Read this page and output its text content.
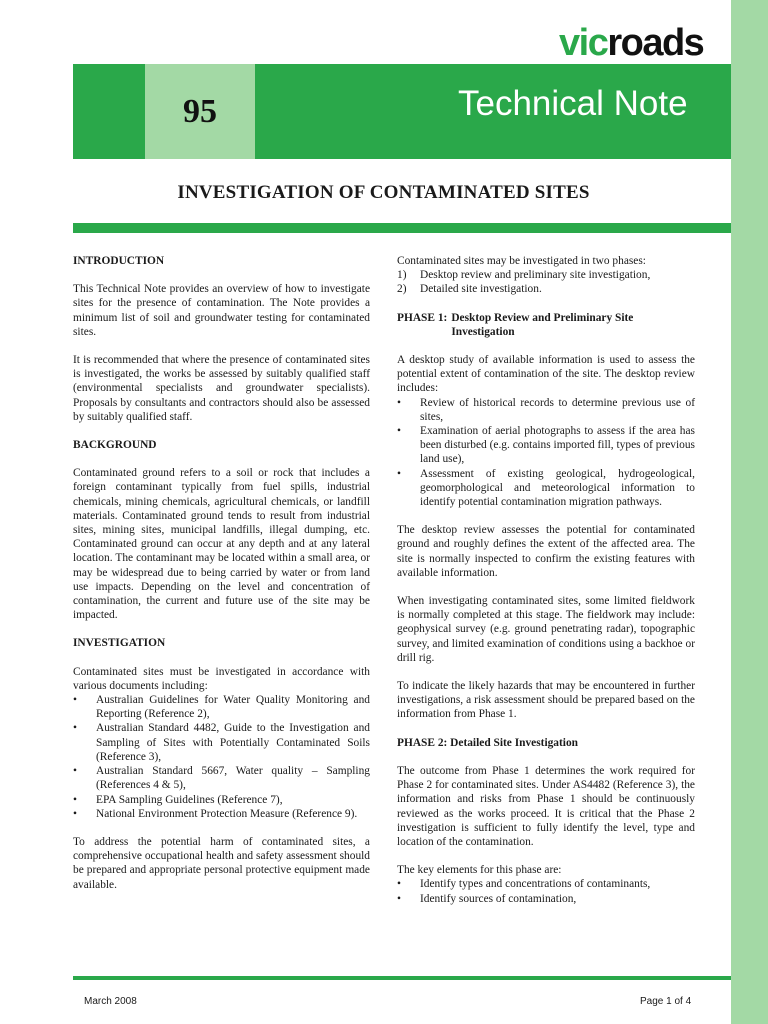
vicroads
95	Technical Note
INVESTIGATION OF CONTAMINATED SITES
INTRODUCTION

This Technical Note provides an overview of how to investigate sites for the presence of contamination. The Note provides a minimum list of soil and groundwater testing for contaminated sites.

It is recommended that where the presence of contaminated sites is investigated, the works be assessed by suitably qualified staff (environmental specialists and groundwater specialists). Proposals by consultants and contractors should also be assessed by suitably qualified staff.

BACKGROUND

Contaminated ground refers to a soil or rock that includes a foreign contaminant typically from fuel spills, industrial chemicals, mining chemicals, agricultural chemicals, or landfill materials. Contaminated ground tends to result from industrial sites, mining sites, municipal landfills, illegal dumping, etc. Contaminated ground can occur at any depth and at any lateral location. The contaminant may be located within a small area, or may be widespread due to being carried by water or from land use impacts. Depending on the level and concentration of contamination, the current and future use of the site may be impacted.

INVESTIGATION

Contaminated sites must be investigated in accordance with various documents including:

• Australian Guidelines for Water Quality Monitoring and Reporting (Reference 2),
• Australian Standard 4482, Guide to the Investigation and Sampling of Sites with Potentially Contaminated Soils (Reference 3),
• Australian Standard 5667, Water quality – Sampling (References 4 & 5),
• EPA Sampling Guidelines (Reference 7),
• National Environment Protection Measure (Reference 9).

To address the potential harm of contaminated sites, a comprehensive occupational health and safety assessment should be prepared and appropriate personal protective equipment made available.

Contaminated sites may be investigated in two phases:

1) Desktop review and preliminary site investigation,
2) Detailed site investigation.
PHASE 1: Desktop Review and Preliminary Site Investigation

A desktop study of available information is used to assess the potential extent of contamination of the site. The desktop review includes:

• Review of historical records to determine previous use of sites,
• Examination of aerial photographs to assess if the area has been disturbed (e.g. contains imported fill, types of previous land use),
• Assessment of existing geological, hydrogeological, geomorphological and meteorological information to identify potential contamination migration pathways.

The desktop review assesses the potential for contaminated ground and roughly defines the extent of the affected area. The site is normally inspected to confirm the existing features with available information.

When investigating contaminated sites, some limited fieldwork is normally completed at this stage. The fieldwork may include: geophysical survey (e.g. ground penetrating radar), topographic survey, and limited examination of conditions using a backhoe or drill rig.

To indicate the likely hazards that may be encountered in further investigations, a risk assessment should be prepared based on the information from Phase 1.

PHASE 2: Detailed Site Investigation

The outcome from Phase 1 determines the work required for Phase 2 for contaminated sites. Under AS4482 (Reference 3), the information and risks from Phase 1 should be continuously reviewed as the works proceed. It is critical that the Phase 2 investigation is sufficient to fully identify the level, type and location of the contamination.

The key elements for this phase are:

• Identify types and concentrations of contaminants,
• Identify sources of contamination,
March 2008	Page 1 of 4
